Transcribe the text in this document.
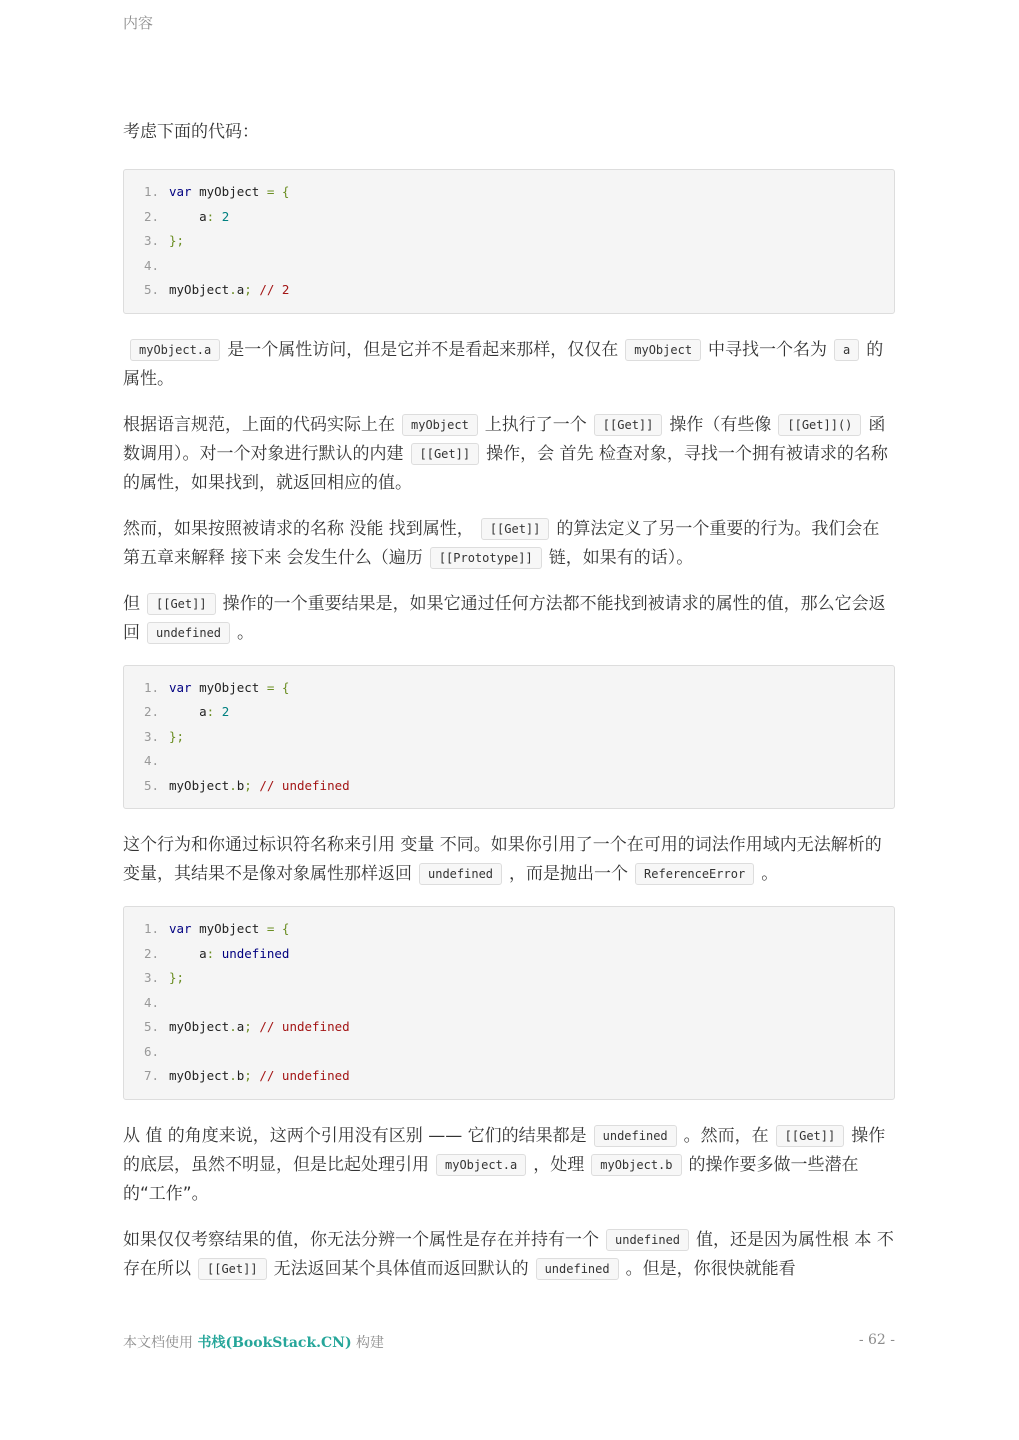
内容

考虑下面的代码：

1. var myObject = {
2.
	a : 2
3. };
4.
5. myObject . a ; // 2

myObject.a 是一个属性访问，但是它并不是看起来那样，仅仅在 myObject 中寻找一个名为 a 的属性。

根据语言规范，上面的代码实际上在 myObject 上执行了一个 [[Get]] 操作（有些像 [[Get]]() 函数调用）。对一个对象进行默认的内建 [[Get]] 操作，会 首先 检查对象，寻找一个拥有被请求的名称的属性，如果找到，就返回相应的值。

然而，如果按照被请求的名称 没能 找到属性， [[Get]] 的算法定义了另一个重要的行为。我们会在第五章来解释 接下来 会发生什么（遍历 [[Prototype]] 链，如果有的话）。

但 [[Get]] 操作的一个重要结果是，如果它通过任何方法都不能找到被请求的属性的值，那么它会返回 undefined 。

1. var myObject = {
2.
	a : 2
3. };
4.
5. myObject . b ; // undefined

这个行为和你通过标识符名称来引用 变量 不同。如果你引用了一个在可用的词法作用域内无法解析的变量，其结果不是像对象属性那样返回 undefined ，而是抛出一个 ReferenceError 。

1. var myObject = {
2.
	a : undefined
3. };
4.
5. myObject . a ; // undefined
6.
7. myObject . b ; // undefined

从 值 的角度来说，这两个引用没有区别 —— 它们的结果都是 undefined 。然而，在 [[Get]] 操作的底层，虽然不明显，但是比起处理引用 myObject.a ，处理 myObject.b 的操作要多做一些潜在的“工作”。

如果仅仅考察结果的值，你无法分辨一个属性是存在并持有一个 undefined 值，还是因为属性根 本 不 存在所以 [[Get]] 无法返回某个具体值而返回默认的 undefined 。但是，你很快就能看

本文档使用 书栈(BookStack.CN) 构建	- 62 -
